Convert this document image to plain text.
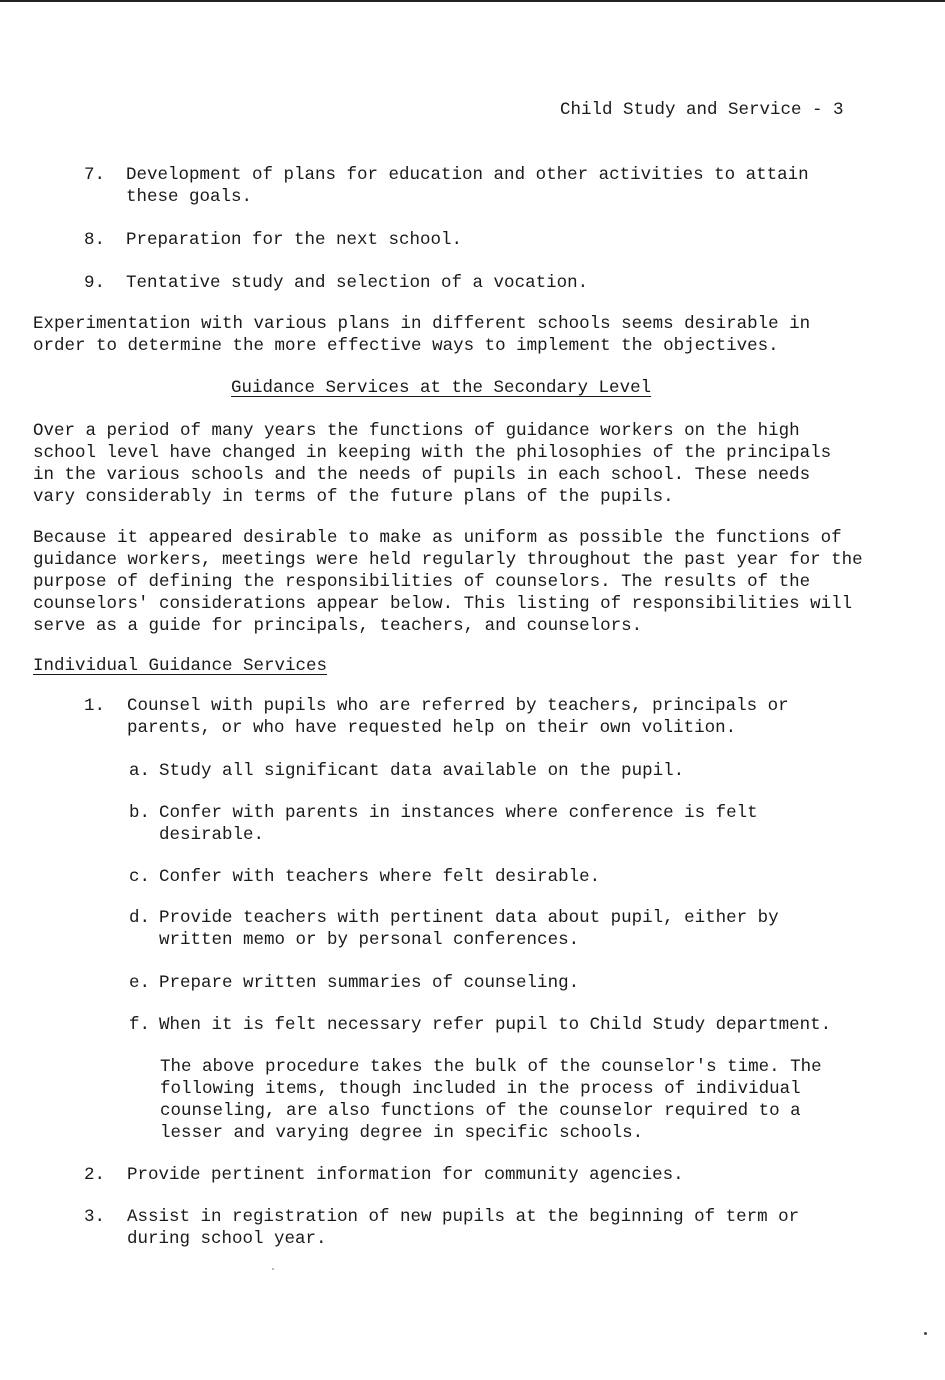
Child Study and Service - 3
7.	Development of plans for education and other activities to attain these goals.
8.	Preparation for the next school.
9.	Tentative study and selection of a vocation.
Experimentation with various plans in different schools seems desirable in order to determine the more effective ways to implement the objectives.
Guidance Services at the Secondary Level
Over a period of many years the functions of guidance workers on the high school level have changed in keeping with the philosophies of the principals in the various schools and the needs of pupils in each school. These needs vary considerably in terms of the future plans of the pupils.
Because it appeared desirable to make as uniform as possible the functions of guidance workers, meetings were held regularly throughout the past year for the purpose of defining the responsibilities of counselors. The results of the counselors' considerations appear below. This listing of responsibilities will serve as a guide for principals, teachers, and counselors.
Individual Guidance Services
1.	Counsel with pupils who are referred by teachers, principals or parents, or who have requested help on their own volition.
a. Study all significant data available on the pupil.
b. Confer with parents in instances where conference is felt desirable.
c. Confer with teachers where felt desirable.
d. Provide teachers with pertinent data about pupil, either by written memo or by personal conferences.
e. Prepare written summaries of counseling.
f. When it is felt necessary refer pupil to Child Study department.
The above procedure takes the bulk of the counselor's time. The following items, though included in the process of individual counseling, are also functions of the counselor required to a lesser and varying degree in specific schools.
2.	Provide pertinent information for community agencies.
3.	Assist in registration of new pupils at the beginning of term or during school year.
